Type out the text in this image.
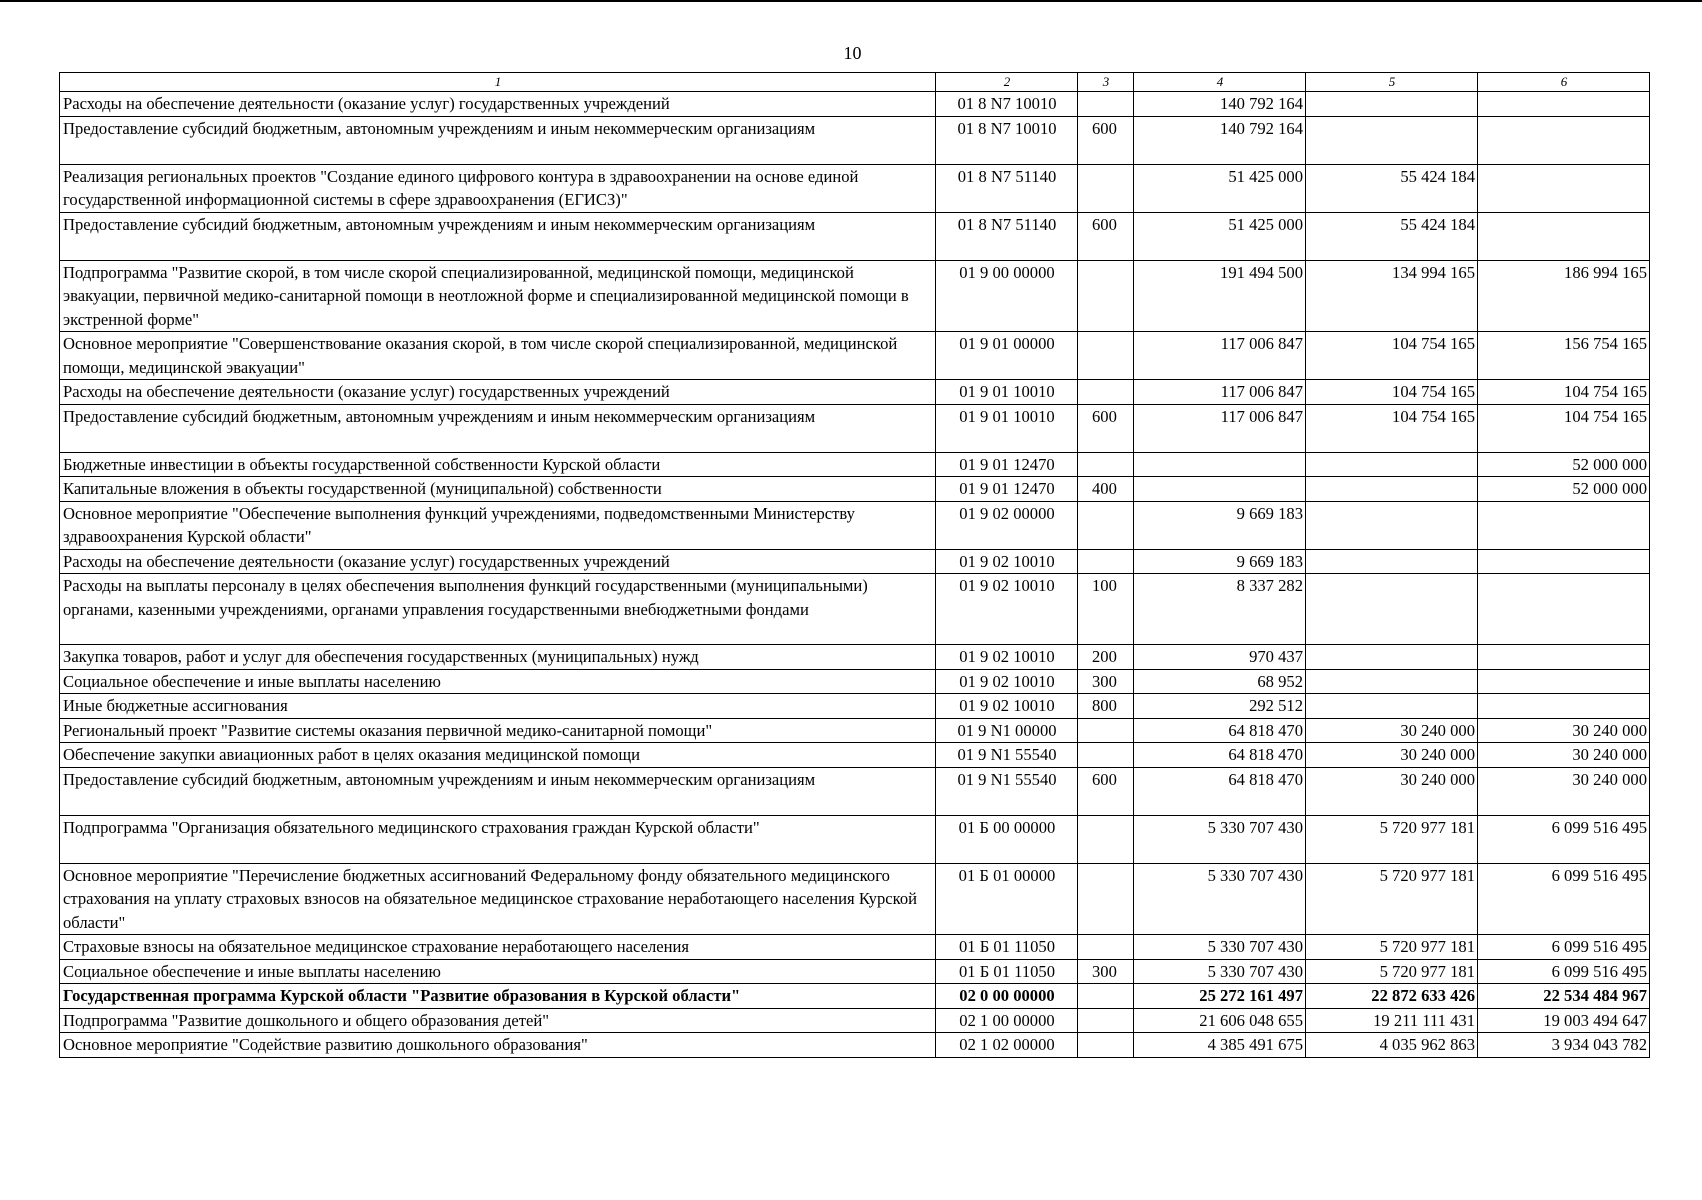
10
1	2	3	4	5	6
Расходы на обеспечение деятельности (оказание услуг) государственных учреждений	01 8 N7 10010		140 792 164		
Предоставление субсидий бюджетным, автономным учреждениям и иным некоммерческим организациям	01 8 N7 10010	600	140 792 164		
Реализация региональных проектов "Создание единого цифрового контура в здравоохранении на основе единой государственной информационной системы в сфере здравоохранения (ЕГИСЗ)"	01 8 N7 51140		51 425 000	55 424 184	
Предоставление субсидий бюджетным, автономным учреждениям и иным некоммерческим организациям	01 8 N7 51140	600	51 425 000	55 424 184	
Подпрограмма "Развитие скорой, в том числе скорой специализированной, медицинской помощи, медицинской эвакуации, первичной медико-санитарной помощи в неотложной форме и специализированной медицинской помощи в экстренной форме"	01 9 00 00000		191 494 500	134 994 165	186 994 165
Основное мероприятие "Совершенствование оказания скорой, в том числе скорой специализированной, медицинской помощи, медицинской эвакуации"	01 9 01 00000		117 006 847	104 754 165	156 754 165
Расходы на обеспечение деятельности (оказание услуг) государственных учреждений	01 9 01 10010		117 006 847	104 754 165	104 754 165
Предоставление субсидий бюджетным, автономным учреждениям и иным некоммерческим организациям	01 9 01 10010	600	117 006 847	104 754 165	104 754 165
Бюджетные инвестиции в объекты государственной собственности Курской области	01 9 01 12470				52 000 000
Капитальные вложения в объекты государственной (муниципальной) собственности	01 9 01 12470	400			52 000 000
Основное мероприятие "Обеспечение выполнения функций учреждениями, подведомственными Министерству здравоохранения Курской области"	01 9 02 00000		9 669 183		
Расходы на обеспечение деятельности (оказание услуг) государственных учреждений	01 9 02 10010		9 669 183		
Расходы на выплаты персоналу в целях обеспечения выполнения функций государственными (муниципальными) органами, казенными учреждениями, органами управления государственными внебюджетными фондами	01 9 02 10010	100	8 337 282		
Закупка товаров, работ и услуг для обеспечения государственных (муниципальных) нужд	01 9 02 10010	200	970 437		
Социальное обеспечение и иные выплаты населению	01 9 02 10010	300	68 952		
Иные бюджетные ассигнования	01 9 02 10010	800	292 512		
Региональный проект "Развитие системы оказания первичной медико-санитарной помощи"	01 9 N1 00000		64 818 470	30 240 000	30 240 000
Обеспечение закупки авиационных работ в целях оказания медицинской помощи	01 9 N1 55540		64 818 470	30 240 000	30 240 000
Предоставление субсидий бюджетным, автономным учреждениям и иным некоммерческим организациям	01 9 N1 55540	600	64 818 470	30 240 000	30 240 000
Подпрограмма "Организация обязательного медицинского страхования граждан Курской области"	01 Б 00 00000		5 330 707 430	5 720 977 181	6 099 516 495
Основное мероприятие "Перечисление бюджетных ассигнований Федеральному фонду обязательного медицинского страхования на уплату страховых взносов на обязательное медицинское страхование неработающего населения Курской области"	01 Б 01 00000		5 330 707 430	5 720 977 181	6 099 516 495
Страховые взносы на обязательное медицинское страхование неработающего населения	01 Б 01 11050		5 330 707 430	5 720 977 181	6 099 516 495
Социальное обеспечение и иные выплаты населению	01 Б 01 11050	300	5 330 707 430	5 720 977 181	6 099 516 495
Государственная программа Курской области "Развитие образования в Курской области"	02 0 00 00000		25 272 161 497	22 872 633 426	22 534 484 967
Подпрограмма "Развитие дошкольного и общего образования детей"	02 1 00 00000		21 606 048 655	19 211 111 431	19 003 494 647
Основное мероприятие "Содействие развитию дошкольного образования"	02 1 02 00000		4 385 491 675	4 035 962 863	3 934 043 782
